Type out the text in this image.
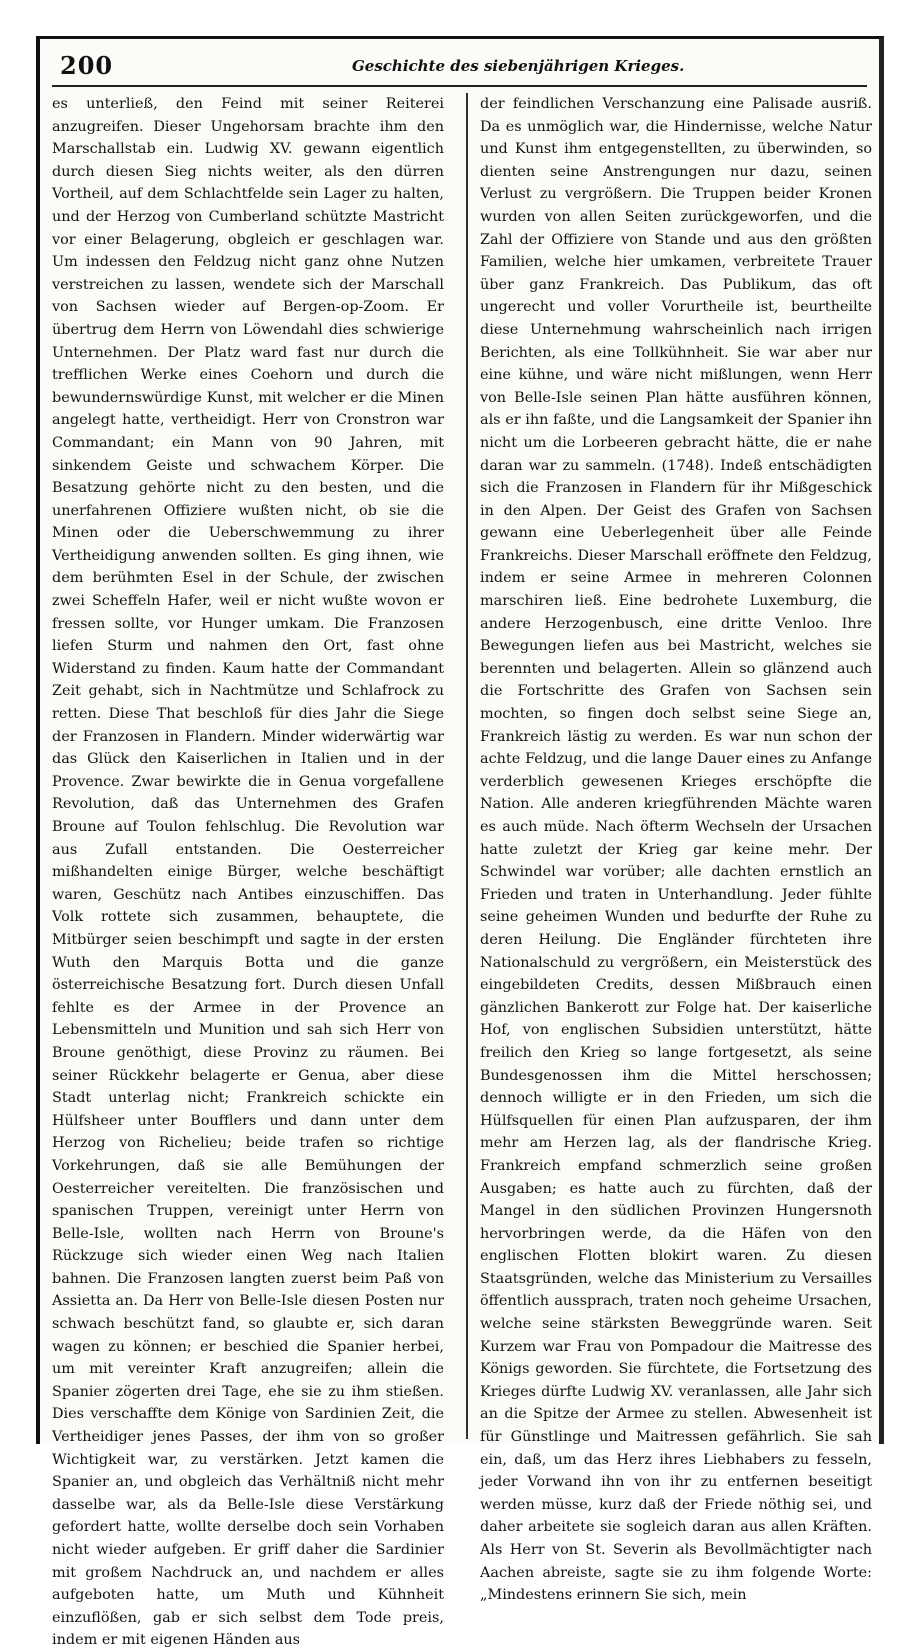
200	Geschichte des siebenjährigen Krieges.

es unterließ, den Feind mit seiner Reiterei anzugreifen. Dieser Ungehorsam brachte ihm den Marschallstab ein. Ludwig XV. gewann eigentlich durch diesen Sieg nichts weiter, als den dürren Vortheil, auf dem Schlachtfelde sein Lager zu halten, und der Herzog von Cumberland schützte Mastricht vor einer Belagerung, obgleich er geschlagen war. Um indessen den Feldzug nicht ganz ohne Nutzen verstreichen zu lassen, wendete sich der Marschall von Sachsen wieder auf Bergen-op-Zoom. Er übertrug dem Herrn von Löwendahl dies schwierige Unternehmen. Der Platz ward fast nur durch die trefflichen Werke eines Coehorn und durch die bewundernswürdige Kunst, mit welcher er die Minen angelegt hatte, vertheidigt. Herr von Cronstron war Commandant; ein Mann von 90 Jahren, mit sinkendem Geiste und schwachem Körper. Die Besatzung gehörte nicht zu den besten, und die unerfahrenen Offiziere wußten nicht, ob sie die Minen oder die Ueberschwemmung zu ihrer Vertheidigung anwenden sollten. Es ging ihnen, wie dem berühmten Esel in der Schule, der zwischen zwei Scheffeln Hafer, weil er nicht wußte wovon er fressen sollte, vor Hunger umkam. Die Franzosen liefen Sturm und nahmen den Ort, fast ohne Widerstand zu finden. Kaum hatte der Commandant Zeit gehabt, sich in Nachtmütze und Schlafrock zu retten. Diese That beschloß für dies Jahr die Siege der Franzosen in Flandern. Minder widerwärtig war das Glück den Kaiserlichen in Italien und in der Provence. Zwar bewirkte die in Genua vorgefallene Revolution, daß das Unternehmen des Grafen Broune auf Toulon fehlschlug. Die Revolution war aus Zufall entstanden. Die Oesterreicher mißhandelten einige Bürger, welche beschäftigt waren, Geschütz nach Antibes einzuschiffen. Das Volk rottete sich zusammen, behauptete, die Mitbürger seien beschimpft und sagte in der ersten Wuth den Marquis Botta und die ganze österreichische Besatzung fort. Durch diesen Unfall fehlte es der Armee in der Provence an Lebensmitteln und Munition und sah sich Herr von Broune genöthigt, diese Provinz zu räumen. Bei seiner Rückkehr belagerte er Genua, aber diese Stadt unterlag nicht; Frankreich schickte ein Hülfsheer unter Boufflers und dann unter dem Herzog von Richelieu; beide trafen so richtige Vorkehrungen, daß sie alle Bemühungen der Oesterreicher vereitelten. Die französischen und spanischen Truppen, vereinigt unter Herrn von Belle-Isle, wollten nach Herrn von Broune's Rückzuge sich wieder einen Weg nach Italien bahnen. Die Franzosen langten zuerst beim Paß von Assietta an. Da Herr von Belle-Isle diesen Posten nur schwach beschützt fand, so glaubte er, sich daran wagen zu können; er beschied die Spanier herbei, um mit vereinter Kraft anzugreifen; allein die Spanier zögerten drei Tage, ehe sie zu ihm stießen. Dies verschaffte dem Könige von Sardinien Zeit, die Vertheidiger jenes Passes, der ihm von so großer Wichtigkeit war, zu verstärken. Jetzt kamen die Spanier an, und obgleich das Verhältniß nicht mehr dasselbe war, als da Belle-Isle diese Verstärkung gefordert hatte, wollte derselbe doch sein Vorhaben nicht wieder aufgeben. Er griff daher die Sardinier mit großem Nachdruck an, und nachdem er alles aufgeboten hatte, um Muth und Kühnheit einzuflößen, gab er sich selbst dem Tode preis, indem er mit eigenen Händen aus

der feindlichen Verschanzung eine Palisade ausriß. Da es unmöglich war, die Hindernisse, welche Natur und Kunst ihm entgegenstellten, zu überwinden, so dienten seine Anstrengungen nur dazu, seinen Verlust zu vergrößern. Die Truppen beider Kronen wurden von allen Seiten zurückgeworfen, und die Zahl der Offiziere von Stande und aus den größten Familien, welche hier umkamen, verbreitete Trauer über ganz Frankreich. Das Publikum, das oft ungerecht und voller Vorurtheile ist, beurtheilte diese Unternehmung wahrscheinlich nach irrigen Berichten, als eine Tollkühnheit. Sie war aber nur eine kühne, und wäre nicht mißlungen, wenn Herr von Belle-Isle seinen Plan hätte ausführen können, als er ihn faßte, und die Langsamkeit der Spanier ihn nicht um die Lorbeeren gebracht hätte, die er nahe daran war zu sammeln. (1748). Indeß entschädigten sich die Franzosen in Flandern für ihr Mißgeschick in den Alpen. Der Geist des Grafen von Sachsen gewann eine Ueberlegenheit über alle Feinde Frankreichs. Dieser Marschall eröffnete den Feldzug, indem er seine Armee in mehreren Colonnen marschiren ließ. Eine bedrohete Luxemburg, die andere Herzogenbusch, eine dritte Venloo. Ihre Bewegungen liefen aus bei Mastricht, welches sie berennten und belagerten. Allein so glänzend auch die Fortschritte des Grafen von Sachsen sein mochten, so fingen doch selbst seine Siege an, Frankreich lästig zu werden. Es war nun schon der achte Feldzug, und die lange Dauer eines zu Anfange verderblich gewesenen Krieges erschöpfte die Nation. Alle anderen kriegführenden Mächte waren es auch müde. Nach öfterm Wechseln der Ursachen hatte zuletzt der Krieg gar keine mehr. Der Schwindel war vorüber; alle dachten ernstlich an Frieden und traten in Unterhandlung. Jeder fühlte seine geheimen Wunden und bedurfte der Ruhe zu deren Heilung. Die Engländer fürchteten ihre Nationalschuld zu vergrößern, ein Meisterstück des eingebildeten Credits, dessen Mißbrauch einen gänzlichen Bankerott zur Folge hat. Der kaiserliche Hof, von englischen Subsidien unterstützt, hätte freilich den Krieg so lange fortgesetzt, als seine Bundesgenossen ihm die Mittel herschossen; dennoch willigte er in den Frieden, um sich die Hülfsquellen für einen Plan aufzusparen, der ihm mehr am Herzen lag, als der flandrische Krieg. Frankreich empfand schmerzlich seine großen Ausgaben; es hatte auch zu fürchten, daß der Mangel in den südlichen Provinzen Hungersnoth hervorbringen werde, da die Häfen von den englischen Flotten blokirt waren. Zu diesen Staatsgründen, welche das Ministerium zu Versailles öffentlich aussprach, traten noch geheime Ursachen, welche seine stärksten Beweggründe waren. Seit Kurzem war Frau von Pompadour die Maitresse des Königs geworden. Sie fürchtete, die Fortsetzung des Krieges dürfte Ludwig XV. veranlassen, alle Jahr sich an die Spitze der Armee zu stellen. Abwesenheit ist für Günstlinge und Maitressen gefährlich. Sie sah ein, daß, um das Herz ihres Liebhabers zu fesseln, jeder Vorwand ihn von ihr zu entfernen beseitigt werden müsse, kurz daß der Friede nöthig sei, und daher arbeitete sie sogleich daran aus allen Kräften. Als Herr von St. Severin als Bevollmächtigter nach Aachen abreiste, sagte sie zu ihm folgende Worte: „Mindestens erinnern Sie sich, mein
